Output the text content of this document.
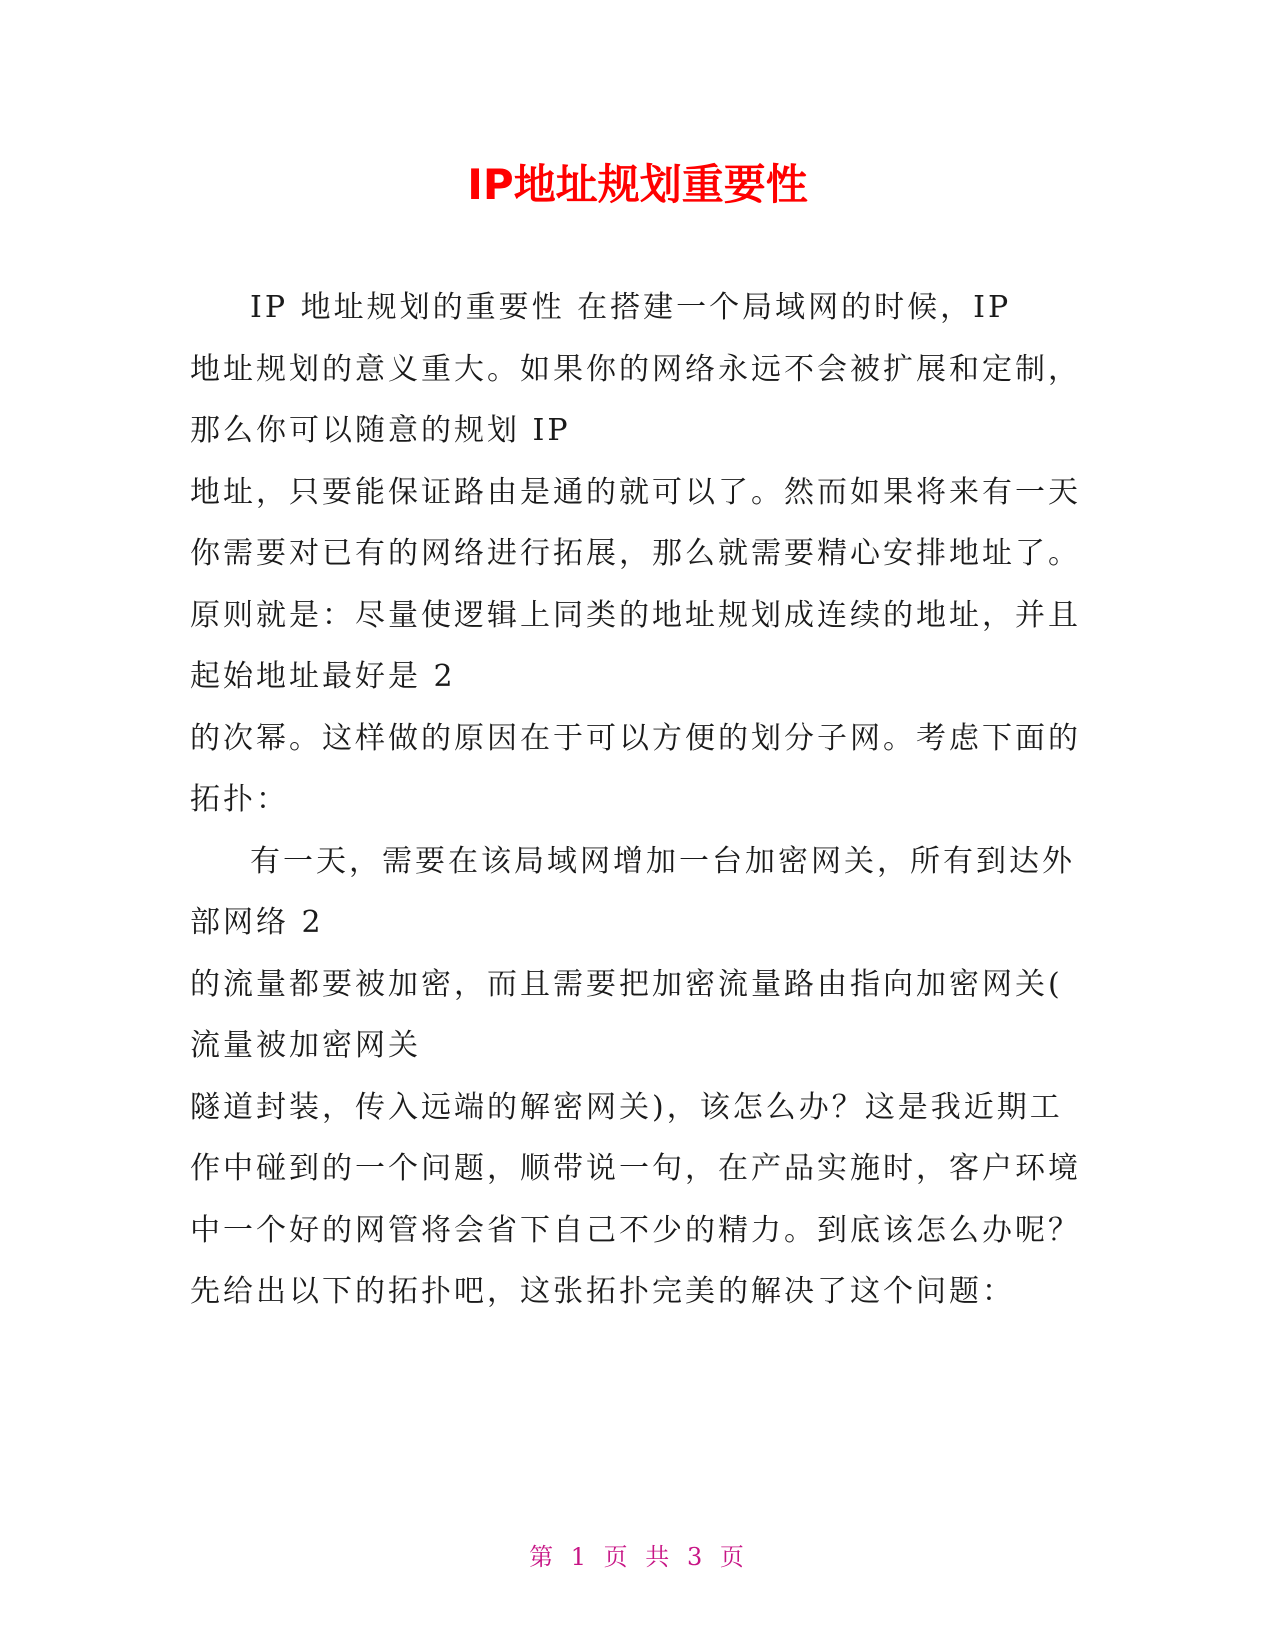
IP地址规划重要性
IP 地址规划的重要性 在搭建一个局域网的时候，IP
地址规划的意义重大。如果你的网络永远不会被扩展和定制，
那么你可以随意的规划 IP
地址，只要能保证路由是通的就可以了。然而如果将来有一天
你需要对已有的网络进行拓展，那么就需要精心安排地址了。
原则就是：尽量使逻辑上同类的地址规划成连续的地址，并且
起始地址最好是 2
的次幂。这样做的原因在于可以方便的划分子网。考虑下面的
拓扑：
有一天，需要在该局域网增加一台加密网关，所有到达外
部网络 2
的流量都要被加密，而且需要把加密流量路由指向加密网关(
流量被加密网关
隧道封装，传入远端的解密网关)，该怎么办？这是我近期工
作中碰到的一个问题，顺带说一句，在产品实施时，客户环境
中一个好的网管将会省下自己不少的精力。到底该怎么办呢？
先给出以下的拓扑吧，这张拓扑完美的解决了这个问题：
第 1 页 共 3 页
